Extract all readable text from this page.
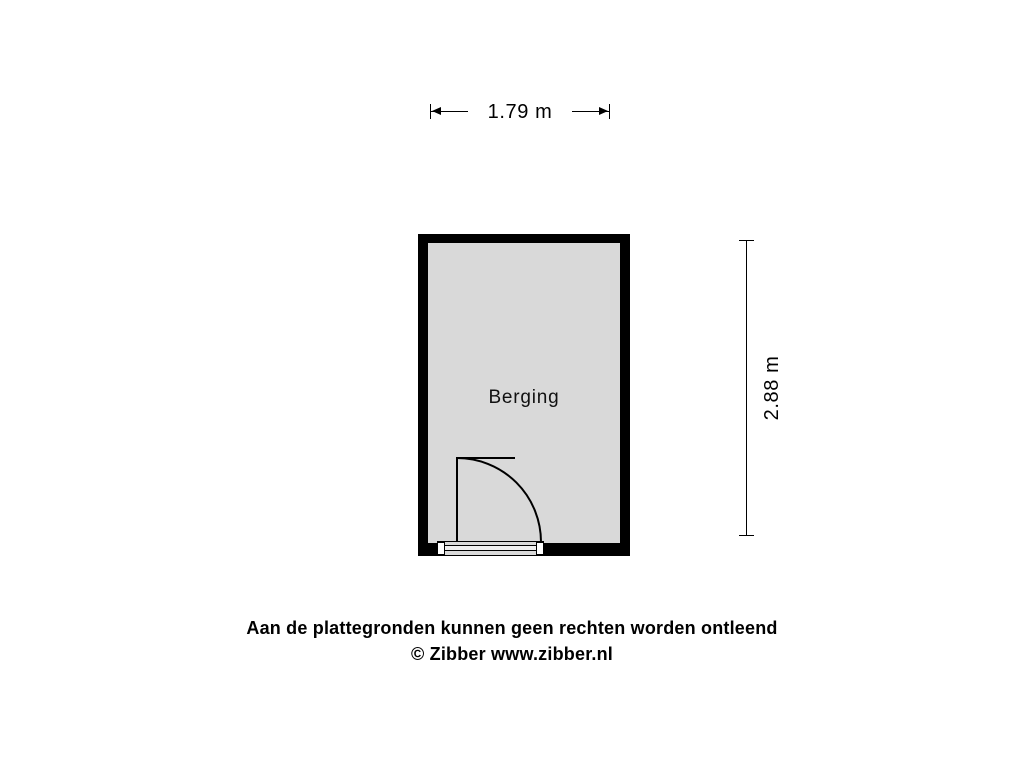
1.79 m
2.88 m
Berging

Aan de plattegronden kunnen geen rechten worden ontleend

© Zibber www.zibber.nl
